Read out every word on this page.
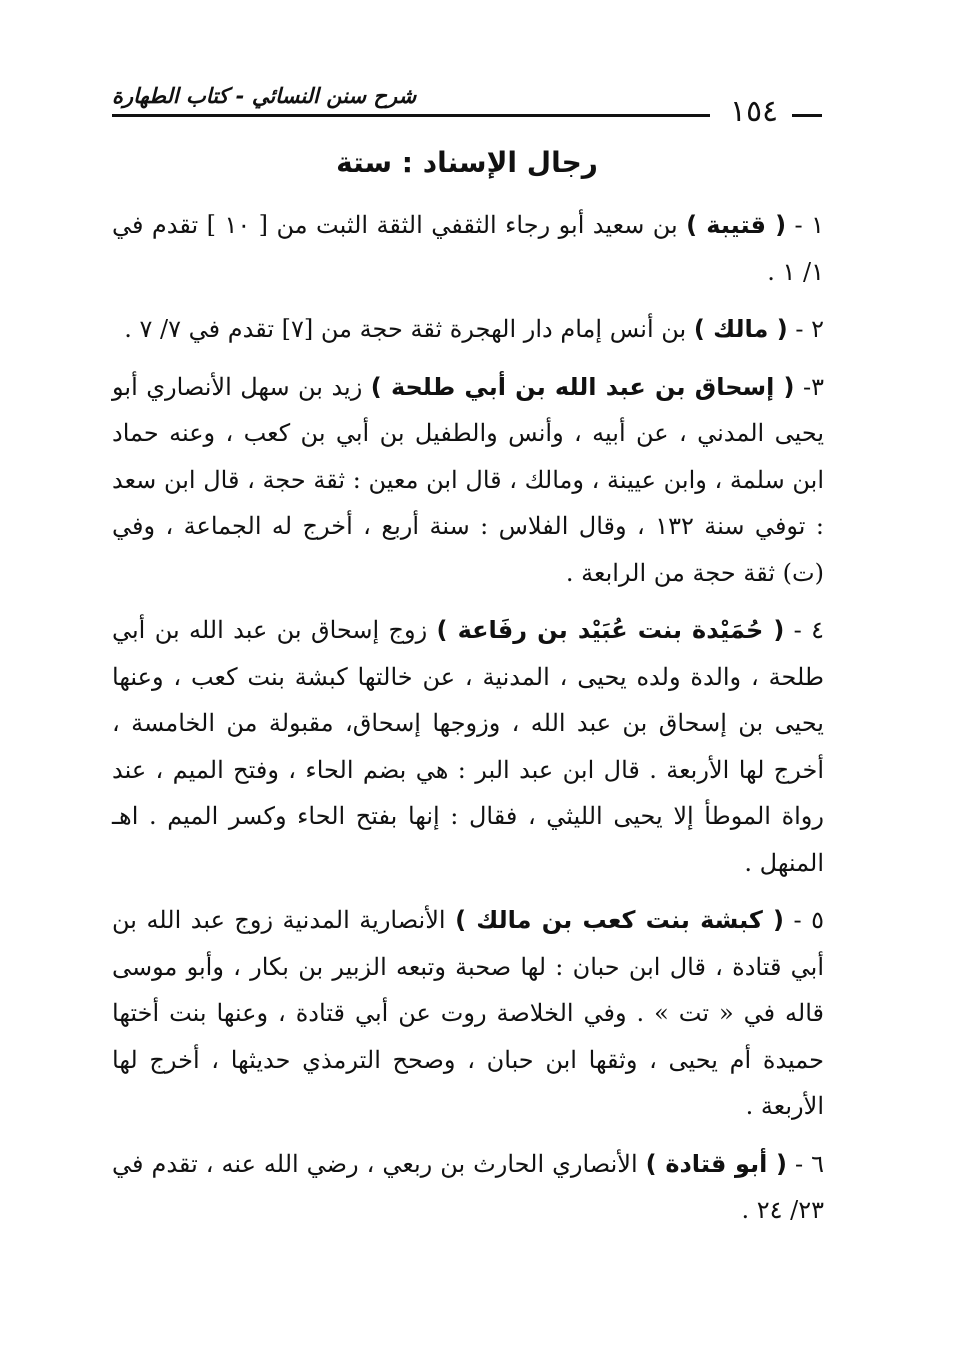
شرح سنن النسائي - كتاب الطهارة	١٥٤
رجال الإسناد : ستة

١ - ( قتيبة ) بن سعيد أبو رجاء الثقفي الثقة الثبت من [ ١٠ ] تقدم في ١/ ١ .

٢ - ( مالك ) بن أنس إمام دار الهجرة ثقة حجة من [٧] تقدم في ٧/ ٧ .

٣- ( إسحاق بن عبد الله بن أبي طلحة ) زيد بن سهل الأنصاري أبو يحيى المدني ، عن أبيه ، وأنس والطفيل بن أبي بن كعب ، وعنه حماد ابن سلمة ، وابن عيينة ، ومالك ، قال ابن معين : ثقة حجة ، قال ابن سعد : توفي سنة ١٣٢ ، وقال الفلاس : سنة أربع ، أخرج له الجماعة ، وفي (ت) ثقة حجة من الرابعة .

٤ - ( حُمَيْدة بنت عُبَيْد بن رفَاعة ) زوج إسحاق بن عبد الله بن أبي طلحة ، والدة ولده يحيى ، المدنية ، عن خالتها كبشة بنت كعب ، وعنها يحيى بن إسحاق بن عبد الله ، وزوجها إسحاق، مقبولة من الخامسة ، أخرج لها الأربعة . قال ابن عبد البر : هي بضم الحاء ، وفتح الميم ، عند رواة الموطأ إلا يحيى الليثي ، فقال : إنها بفتح الحاء وكسر الميم . اهـ المنهل .

٥ - ( كبشة بنت كعب بن مالك ) الأنصارية المدنية زوج عبد الله بن أبي قتادة ، قال ابن حبان : لها صحبة وتبعه الزبير بن بكار ، وأبو موسى قاله في « تت » . وفي الخلاصة روت عن أبي قتادة ، وعنها بنت أختها حميدة أم يحيى ، وثقها ابن حبان ، وصحح الترمذي حديثها ، أخرج لها الأربعة .

٦ - ( أبو قتادة ) الأنصاري الحارث بن ربعي ، رضي الله عنه ، تقدم في ٢٣/ ٢٤ .
